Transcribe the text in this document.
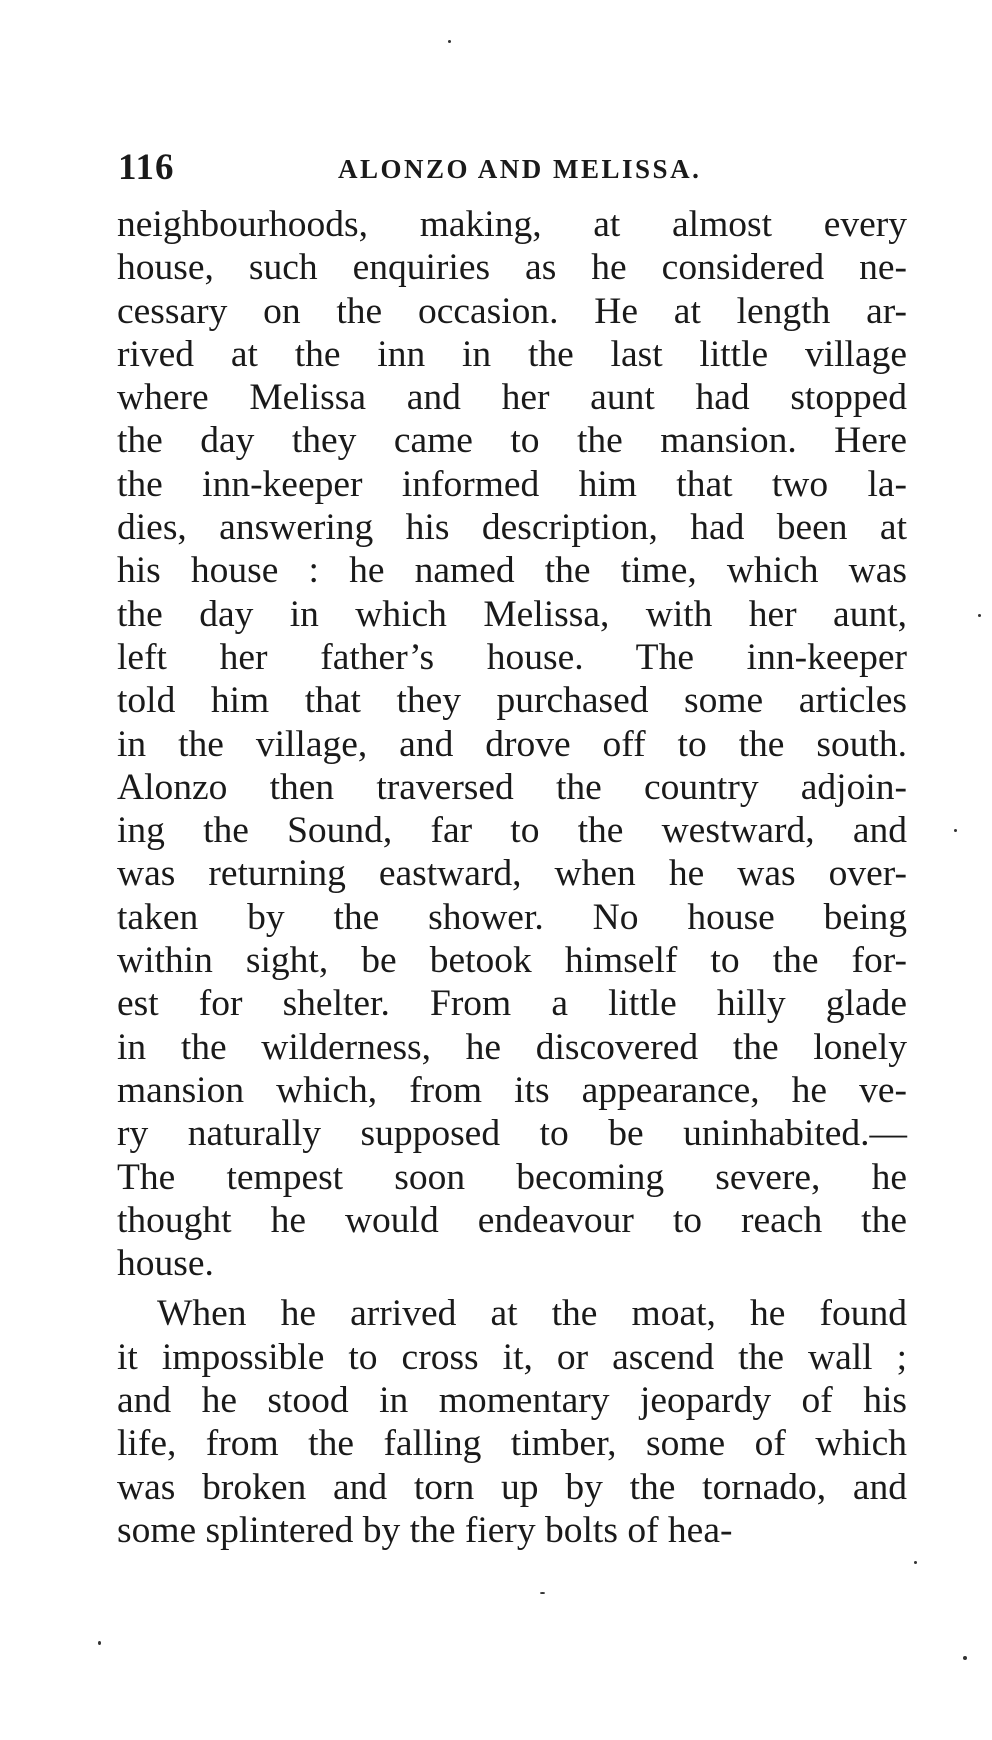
116	ALONZO AND MELISSA.
neighbourhoods, making, at almost every
house, such enquiries as he considered ne-
cessary on the occasion. He at length ar-
rived at the inn in the last little village
where Melissa and her aunt had stopped
the day they came to the mansion. Here
the inn-keeper informed him that two la-
dies, answering his description, had been at
his house : he named the time, which was
the day in which Melissa, with her aunt,
left her father’s house. The inn-keeper
told him that they purchased some articles
in the village, and drove off to the south.
Alonzo then traversed the country adjoin-
ing the Sound, far to the westward, and
was returning eastward, when he was over-
taken by the shower. No house being
within sight, be betook himself to the for-
est for shelter. From a little hilly glade
in the wilderness, he discovered the lonely
mansion which, from its appearance, he ve-
ry naturally supposed to be uninhabited.—
The tempest soon becoming severe, he
thought he would endeavour to reach the
house.
When he arrived at the moat, he found
it impossible to cross it, or ascend the wall ;
and he stood in momentary jeopardy of his
life, from the falling timber, some of which
was broken and torn up by the tornado, and
some splintered by the fiery bolts of hea-
